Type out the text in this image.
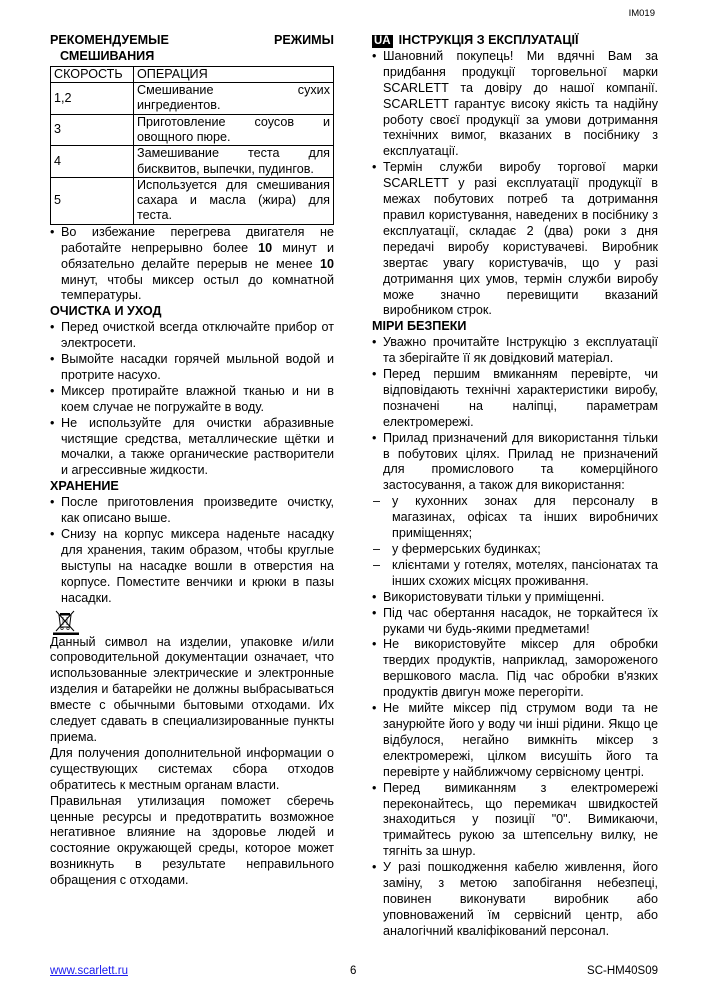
IM019
РЕКОМЕНДУЕМЫЕ	РЕЖИМЫ
СМЕШИВАНИЯ
СКОРОСТЬ	ОПЕРАЦИЯ
1,2	Смешивание сухих ингредиентов.
3	Приготовление соусов и овощного пюре.
4	Замешивание теста для бисквитов, выпечки, пудингов.
5	Используется для смешивания сахара и масла (жира) для теста.
• Во избежание перегрева двигателя не работайте непрерывно более 10 минут и обязательно делайте перерыв не менее 10 минут, чтобы миксер остыл до комнатной температуры.
ОЧИСТКА И УХОД
• Перед очисткой всегда отключайте прибор от электросети.
• Вымойте насадки горячей мыльной водой и протрите насухо.
• Миксер протирайте влажной тканью и ни в коем случае не погружайте в воду.
• Не используйте для очистки абразивные чистящие средства, металлические щётки и мочалки, а также органические растворители и агрессивные жидкости.
ХРАНЕНИЕ
• После приготовления произведите очистку, как описано выше.
• Снизу на корпус миксера наденьте насадку для хранения, таким образом, чтобы круглые выступы на насадке вошли в отверстия на корпусе. Поместите венчики и крюки в пазы насадки.

Данный символ на изделии, упаковке и/или сопроводительной документации означает, что использованные электрические и электронные изделия и батарейки не должны выбрасываться вместе с обычными бытовыми отходами. Их следует сдавать в специализированные пункты приема.

Для получения дополнительной информации о существующих системах сбора отходов обратитесь к местным органам власти.

Правильная утилизация поможет сберечь ценные ресурсы и предотвратить возможное негативное влияние на здоровье людей и состояние окружающей среды, которое может возникнуть в результате неправильного обращения с отходами.

UA ІНСТРУКЦІЯ З ЕКСПЛУАТАЦІЇ
• Шановний покупець! Ми вдячні Вам за придбання продукції торговельної марки SCARLETT та довіру до нашої компанії. SCARLETT гарантує високу якість та надійну роботу своєї продукції за умови дотримання технічних вимог, вказаних в посібнику з експлуатації.
• Термін служби виробу торгової марки SCARLETT у разі експлуатації продукції в межах побутових потреб та дотримання правил користування, наведених в посібнику з експлуатації, складає 2 (два) роки з дня передачі виробу користувачеві. Виробник звертає увагу користувачів, що у разі дотримання цих умов, термін служби виробу може значно перевищити вказаний виробником строк.
МІРИ БЕЗПЕКИ
• Уважно прочитайте Інструкцію з експлуатації та зберігайте її як довідковий матеріал.
• Перед першим вмиканням перевірте, чи відповідають технічні характеристики виробу, позначені на наліпці, параметрам електромережі.
• Прилад призначений для використання тільки в побутових цілях. Прилад не призначений для промислового та комерційного застосування, а також для використання:
– у кухонних зонах для персоналу в магазинах, офісах та інших виробничих приміщеннях;
– у фермерських будинках;
– клієнтами у готелях, мотелях, пансіонатах та інших схожих місцях проживання.
• Використовувати тільки у приміщенні.
• Під час обертання насадок, не торкайтеся їх руками чи будь-якими предметами!
• Не використовуйте міксер для обробки твердих продуктів, наприклад, замороженого вершкового масла. Під час обробки в'язких продуктів двигун може перегоріти.
• Не мийте міксер під струмом води та не занурюйте його у воду чи інші рідини. Якщо це відбулося, негайно вимкніть міксер з електромережі, цілком висушіть його та перевірте у найближчому сервісному центрі.
• Перед вимиканням з електромережі переконайтесь, що перемикач швидкостей знаходиться у позиції "0". Вимикаючи, тримайтесь рукою за штепсельну вилку, не тягніть за шнур.
• У разі пошкодження кабелю живлення, його заміну, з метою запобігання небезпеці, повинен виконувати виробник або уповноважений їм сервісний центр, або аналогічний кваліфікований персонал.
www.scarlett.ru	6	SC-HM40S09
